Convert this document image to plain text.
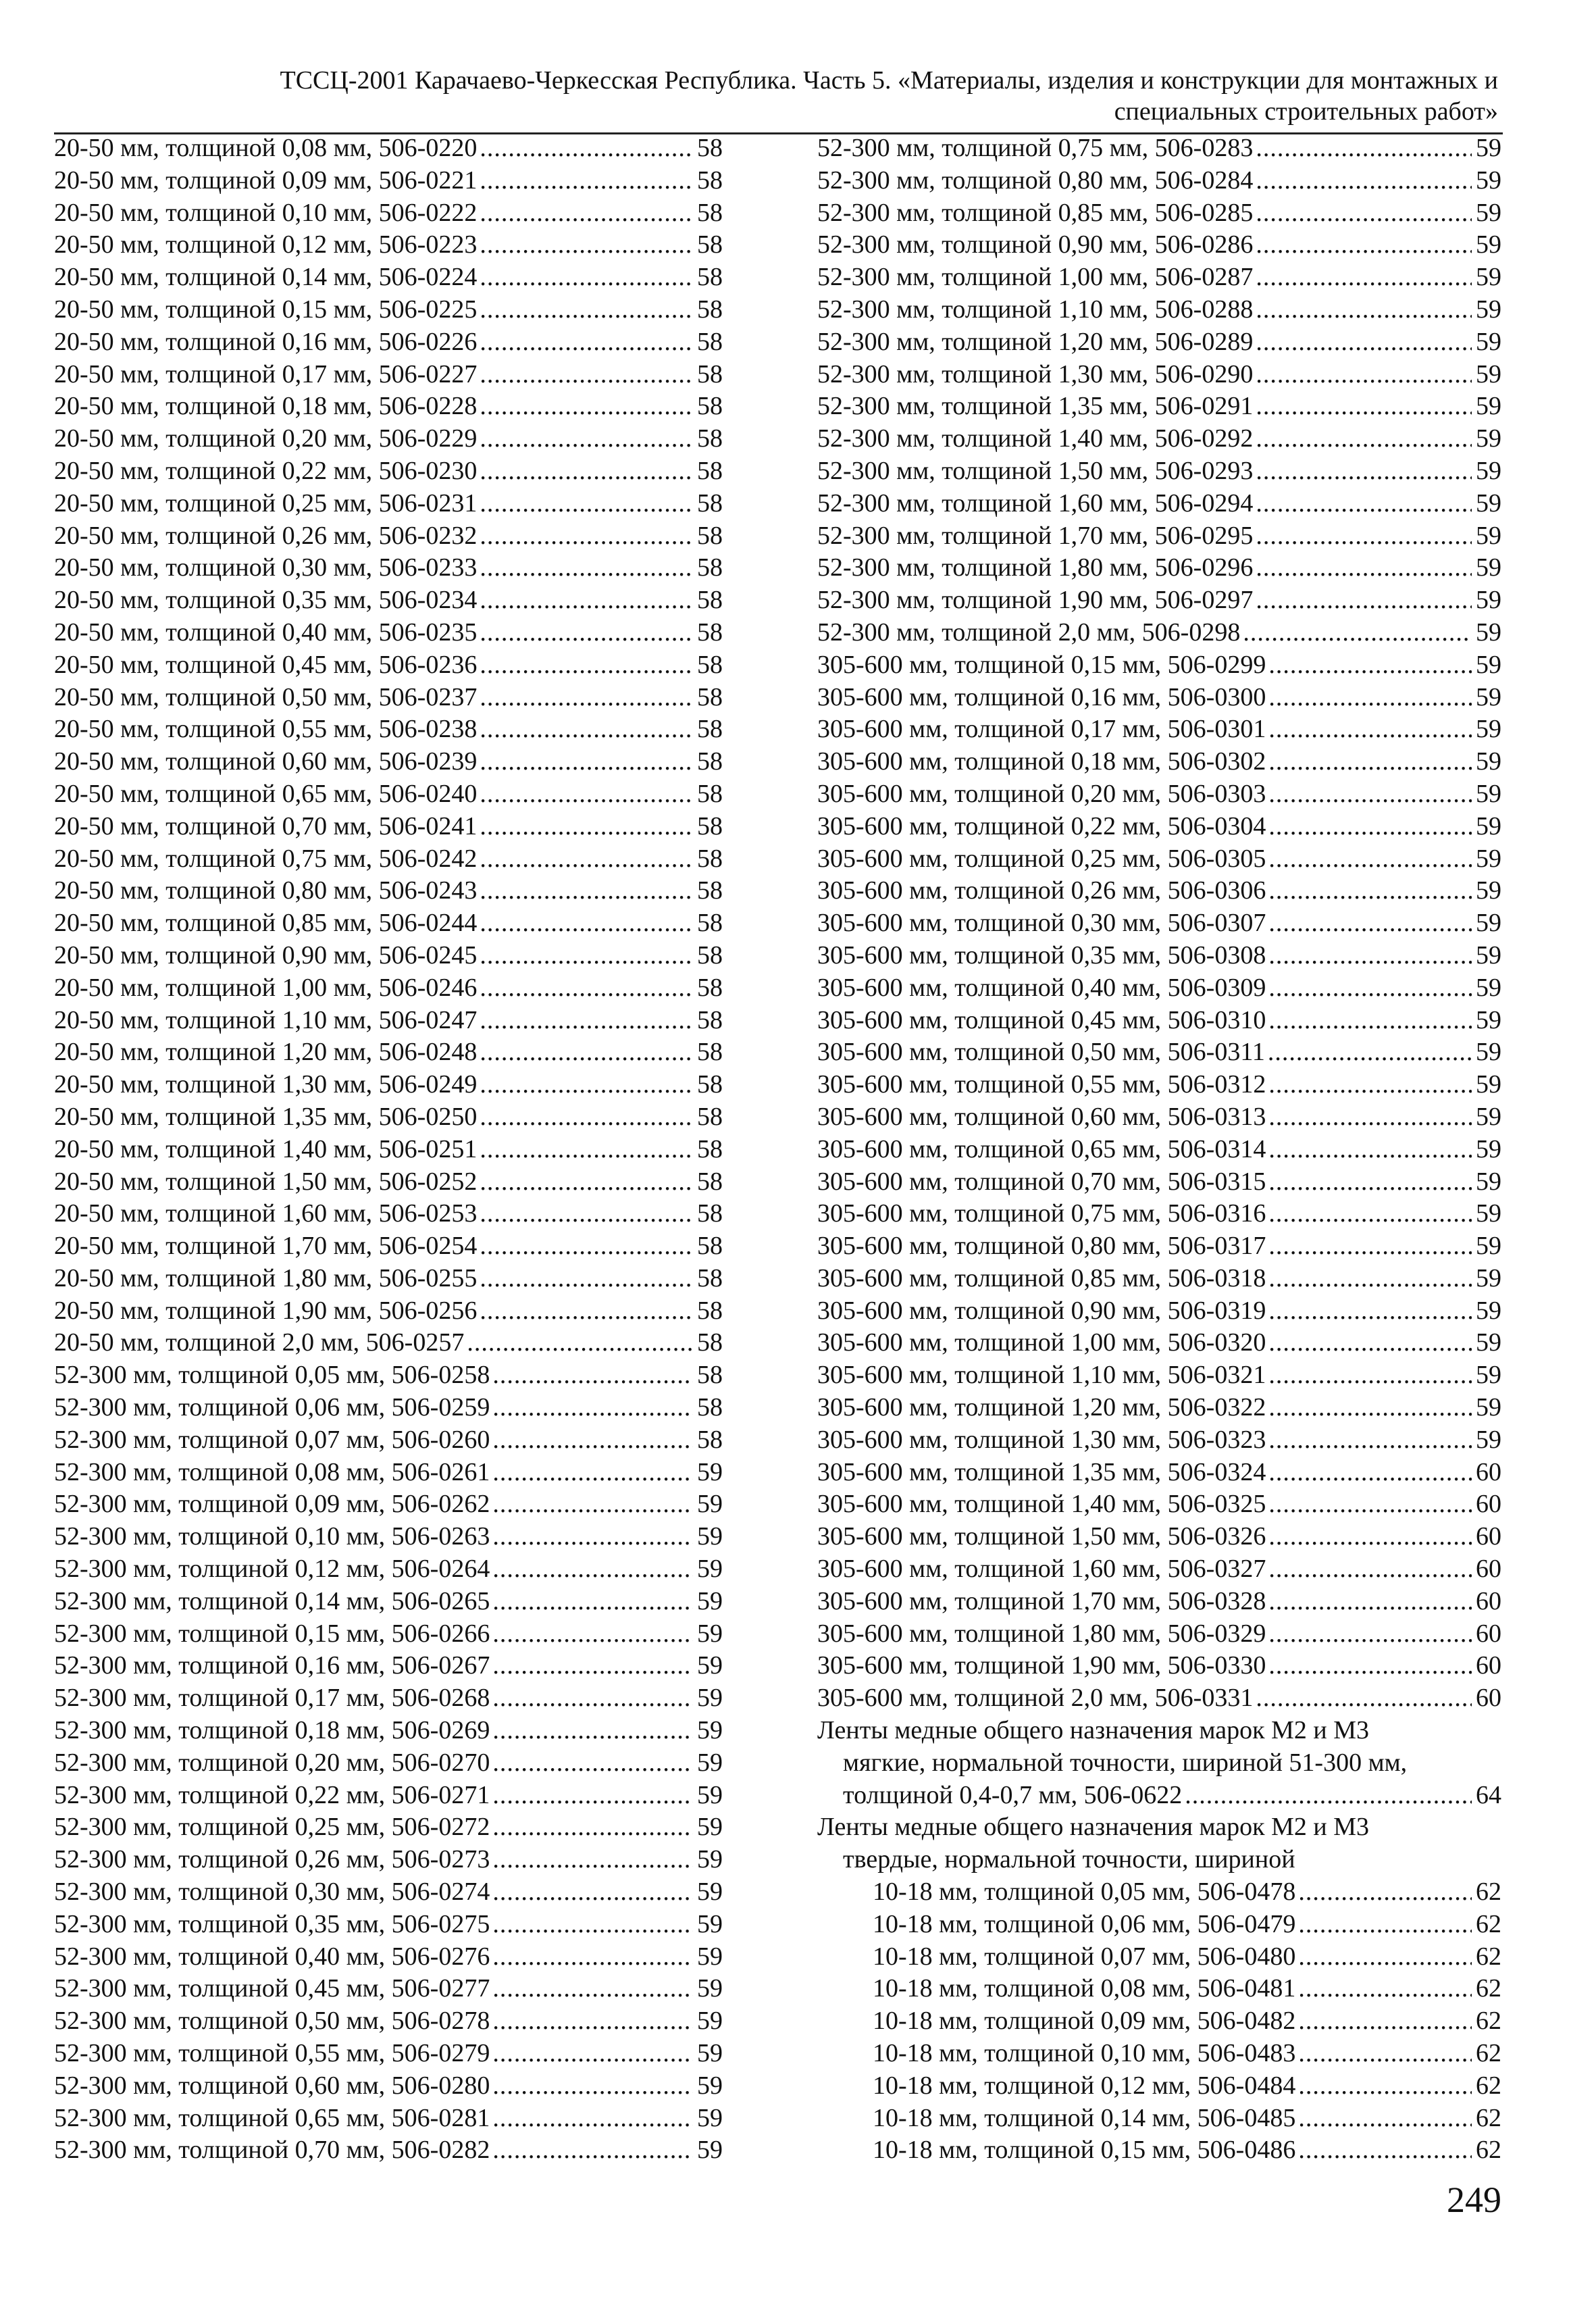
ТССЦ-2001 Карачаево-Черкесская Республика. Часть 5. «Материалы, изделия и конструкции для монтажных и
специальных строительных работ»
20-50 мм, толщиной 0,08 мм, 506-0220 .....	58
20-50 мм, толщиной 0,09 мм, 506-0221 .....	58
20-50 мм, толщиной 0,10 мм, 506-0222 .....	58
20-50 мм, толщиной 0,12 мм, 506-0223 .....	58
20-50 мм, толщиной 0,14 мм, 506-0224 .....	58
20-50 мм, толщиной 0,15 мм, 506-0225 .....	58
20-50 мм, толщиной 0,16 мм, 506-0226 .....	58
20-50 мм, толщиной 0,17 мм, 506-0227 .....	58
20-50 мм, толщиной 0,18 мм, 506-0228 .....	58
20-50 мм, толщиной 0,20 мм, 506-0229 .....	58
20-50 мм, толщиной 0,22 мм, 506-0230 .....	58
20-50 мм, толщиной 0,25 мм, 506-0231 .....	58
20-50 мм, толщиной 0,26 мм, 506-0232 .....	58
20-50 мм, толщиной 0,30 мм, 506-0233 .....	58
20-50 мм, толщиной 0,35 мм, 506-0234 .....	58
20-50 мм, толщиной 0,40 мм, 506-0235 .....	58
20-50 мм, толщиной 0,45 мм, 506-0236 .....	58
20-50 мм, толщиной 0,50 мм, 506-0237 .....	58
20-50 мм, толщиной 0,55 мм, 506-0238 .....	58
20-50 мм, толщиной 0,60 мм, 506-0239 .....	58
20-50 мм, толщиной 0,65 мм, 506-0240 .....	58
20-50 мм, толщиной 0,70 мм, 506-0241 .....	58
20-50 мм, толщиной 0,75 мм, 506-0242 .....	58
20-50 мм, толщиной 0,80 мм, 506-0243 .....	58
20-50 мм, толщиной 0,85 мм, 506-0244 .....	58
20-50 мм, толщиной 0,90 мм, 506-0245 .....	58
20-50 мм, толщиной 1,00 мм, 506-0246 .....	58
20-50 мм, толщиной 1,10 мм, 506-0247 .....	58
20-50 мм, толщиной 1,20 мм, 506-0248 .....	58
20-50 мм, толщиной 1,30 мм, 506-0249 .....	58
20-50 мм, толщиной 1,35 мм, 506-0250 .....	58
20-50 мм, толщиной 1,40 мм, 506-0251 .....	58
20-50 мм, толщиной 1,50 мм, 506-0252 .....	58
20-50 мм, толщиной 1,60 мм, 506-0253 .....	58
20-50 мм, толщиной 1,70 мм, 506-0254 .....	58
20-50 мм, толщиной 1,80 мм, 506-0255 .....	58
20-50 мм, толщиной 1,90 мм, 506-0256 .....	58
20-50 мм, толщиной 2,0 мм, 506-0257 .....	58
52-300 мм, толщиной 0,05 мм, 506-0258 .....	58
52-300 мм, толщиной 0,06 мм, 506-0259 .....	58
52-300 мм, толщиной 0,07 мм, 506-0260 .....	58
52-300 мм, толщиной 0,08 мм, 506-0261 .....	59
52-300 мм, толщиной 0,09 мм, 506-0262 .....	59
52-300 мм, толщиной 0,10 мм, 506-0263 .....	59
52-300 мм, толщиной 0,12 мм, 506-0264 .....	59
52-300 мм, толщиной 0,14 мм, 506-0265 .....	59
52-300 мм, толщиной 0,15 мм, 506-0266 .....	59
52-300 мм, толщиной 0,16 мм, 506-0267 .....	59
52-300 мм, толщиной 0,17 мм, 506-0268 .....	59
52-300 мм, толщиной 0,18 мм, 506-0269 .....	59
52-300 мм, толщиной 0,20 мм, 506-0270 .....	59
52-300 мм, толщиной 0,22 мм, 506-0271 .....	59
52-300 мм, толщиной 0,25 мм, 506-0272 .....	59
52-300 мм, толщиной 0,26 мм, 506-0273 .....	59
52-300 мм, толщиной 0,30 мм, 506-0274 .....	59
52-300 мм, толщиной 0,35 мм, 506-0275 .....	59
52-300 мм, толщиной 0,40 мм, 506-0276 .....	59
52-300 мм, толщиной 0,45 мм, 506-0277 .....	59
52-300 мм, толщиной 0,50 мм, 506-0278 .....	59
52-300 мм, толщиной 0,55 мм, 506-0279 .....	59
52-300 мм, толщиной 0,60 мм, 506-0280 .....	59
52-300 мм, толщиной 0,65 мм, 506-0281 .....	59
52-300 мм, толщиной 0,70 мм, 506-0282 .....	59
52-300 мм, толщиной 0,75 мм, 506-0283 .....	59
52-300 мм, толщиной 0,80 мм, 506-0284 .....	59
52-300 мм, толщиной 0,85 мм, 506-0285 .....	59
52-300 мм, толщиной 0,90 мм, 506-0286 .....	59
52-300 мм, толщиной 1,00 мм, 506-0287 .....	59
52-300 мм, толщиной 1,10 мм, 506-0288 .....	59
52-300 мм, толщиной 1,20 мм, 506-0289 .....	59
52-300 мм, толщиной 1,30 мм, 506-0290 .....	59
52-300 мм, толщиной 1,35 мм, 506-0291 .....	59
52-300 мм, толщиной 1,40 мм, 506-0292 .....	59
52-300 мм, толщиной 1,50 мм, 506-0293 .....	59
52-300 мм, толщиной 1,60 мм, 506-0294 .....	59
52-300 мм, толщиной 1,70 мм, 506-0295 .....	59
52-300 мм, толщиной 1,80 мм, 506-0296 .....	59
52-300 мм, толщиной 1,90 мм, 506-0297 .....	59
52-300 мм, толщиной 2,0 мм, 506-0298 .....	59
305-600 мм, толщиной 0,15 мм, 506-0299 .....	59
305-600 мм, толщиной 0,16 мм, 506-0300 .....	59
305-600 мм, толщиной 0,17 мм, 506-0301 .....	59
305-600 мм, толщиной 0,18 мм, 506-0302 .....	59
305-600 мм, толщиной 0,20 мм, 506-0303 .....	59
305-600 мм, толщиной 0,22 мм, 506-0304 .....	59
305-600 мм, толщиной 0,25 мм, 506-0305 .....	59
305-600 мм, толщиной 0,26 мм, 506-0306 .....	59
305-600 мм, толщиной 0,30 мм, 506-0307 .....	59
305-600 мм, толщиной 0,35 мм, 506-0308 .....	59
305-600 мм, толщиной 0,40 мм, 506-0309 .....	59
305-600 мм, толщиной 0,45 мм, 506-0310 .....	59
305-600 мм, толщиной 0,50 мм, 506-0311 .....	59
305-600 мм, толщиной 0,55 мм, 506-0312 .....	59
305-600 мм, толщиной 0,60 мм, 506-0313 .....	59
305-600 мм, толщиной 0,65 мм, 506-0314 .....	59
305-600 мм, толщиной 0,70 мм, 506-0315 .....	59
305-600 мм, толщиной 0,75 мм, 506-0316 .....	59
305-600 мм, толщиной 0,80 мм, 506-0317 .....	59
305-600 мм, толщиной 0,85 мм, 506-0318 .....	59
305-600 мм, толщиной 0,90 мм, 506-0319 .....	59
305-600 мм, толщиной 1,00 мм, 506-0320 .....	59
305-600 мм, толщиной 1,10 мм, 506-0321 .....	59
305-600 мм, толщиной 1,20 мм, 506-0322 .....	59
305-600 мм, толщиной 1,30 мм, 506-0323 .....	59
305-600 мм, толщиной 1,35 мм, 506-0324 .....	60
305-600 мм, толщиной 1,40 мм, 506-0325 .....	60
305-600 мм, толщиной 1,50 мм, 506-0326 .....	60
305-600 мм, толщиной 1,60 мм, 506-0327 .....	60
305-600 мм, толщиной 1,70 мм, 506-0328 .....	60
305-600 мм, толщиной 1,80 мм, 506-0329 .....	60
305-600 мм, толщиной 1,90 мм, 506-0330 .....	60
305-600 мм, толщиной 2,0 мм, 506-0331 .....	60
Ленты медные общего назначения марок М2 и М3
мягкие, нормальной точности, шириной 51-300 мм,
толщиной 0,4-0,7 мм, 506-0622 .....	64
Ленты медные общего назначения марок М2 и М3
твердые, нормальной точности, шириной
10-18 мм, толщиной 0,05 мм, 506-0478 .....	62
10-18 мм, толщиной 0,06 мм, 506-0479 .....	62
10-18 мм, толщиной 0,07 мм, 506-0480 .....	62
10-18 мм, толщиной 0,08 мм, 506-0481 .....	62
10-18 мм, толщиной 0,09 мм, 506-0482 .....	62
10-18 мм, толщиной 0,10 мм, 506-0483 .....	62
10-18 мм, толщиной 0,12 мм, 506-0484 .....	62
10-18 мм, толщиной 0,14 мм, 506-0485 .....	62
10-18 мм, толщиной 0,15 мм, 506-0486 .....	62
249
